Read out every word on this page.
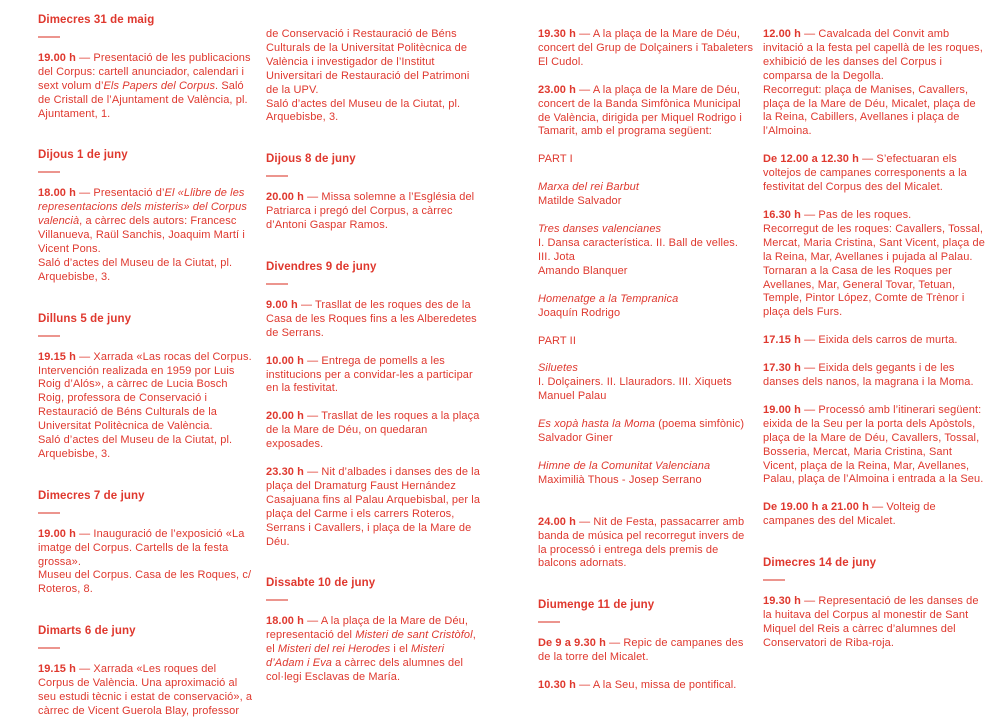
Dimecres 31 de maig

19.00 h — Presentació de les publicacions del Corpus: cartell anunciador, calendari i sext volum d’Els Papers del Corpus. Saló de Cristall de l’Ajuntament de València, pl. Ajuntament, 1.

Dijous 1 de juny

18.00 h — Presentació d’El «Llibre de les representacions dels misteris» del Corpus valencià, a càrrec dels autors: Francesc Villanueva, Raül Sanchis, Joaquim Martí i Vicent Pons.
Saló d’actes del Museu de la Ciutat, pl. Arquebisbe, 3.

Dilluns 5 de juny

19.15 h — Xarrada «Las rocas del Corpus. Intervención realizada en 1959 por Luis Roig d’Alós», a càrrec de Lucia Bosch Roig, professora de Conservació i Restauració de Béns Culturals de la Universitat Politècnica de València.
Saló d’actes del Museu de la Ciutat, pl. Arquebisbe, 3.

Dimecres 7 de juny

19.00 h — Inauguració de l’exposició «La imatge del Corpus. Cartells de la festa grossa».
Museu del Corpus. Casa de les Roques, c/ Roteros, 8.

Dimarts 6 de juny

19.15 h — Xarrada «Les roques del Corpus de València. Una aproximació al seu estudi tècnic i estat de conservació», a càrrec de Vicent Guerola Blay, professor

de Conservació i Restauració de Béns Culturals de la Universitat Politècnica de València i investigador de l’Institut Universitari de Restauració del Patrimoni de la UPV.
Saló d’actes del Museu de la Ciutat, pl. Arquebisbe, 3.

Dijous 8 de juny

20.00 h — Missa solemne a l’Església del Patriarca i pregó del Corpus, a càrrec d’Antoni Gaspar Ramos.

Divendres 9 de juny

9.00 h — Trasllat de les roques des de la Casa de les Roques fins a les Alberedetes de Serrans.

10.00 h — Entrega de pomells a les institucions per a convidar-les a participar en la festivitat.

20.00 h — Trasllat de les roques a la plaça de la Mare de Déu, on quedaran exposades.

23.30 h — Nit d’albades i danses des de la plaça del Dramaturg Faust Hernández Casajuana fins al Palau Arquebisbal, per la plaça del Carme i els carrers Roteros, Serrans i Cavallers, i plaça de la Mare de Déu.

Dissabte 10 de juny

18.00 h — A la plaça de la Mare de Déu, representació del Misteri de sant Cristòfol, el Misteri del rei Herodes i el Misteri d’Adam i Eva a càrrec dels alumnes del col·legi Esclavas de María.

19.30 h — A la plaça de la Mare de Déu, concert del Grup de Dolçainers i Tabaleters El Cudol.

23.00 h — A la plaça de la Mare de Déu, concert de la Banda Simfònica Municipal de València, dirigida per Miquel Rodrigo i Tamarit, amb el programa següent:

PART I

Marxa del rei Barbut
Matilde Salvador

Tres danses valencianes
I. Dansa característica. II. Ball de velles.
III. Jota
Amando Blanquer

Homenatge a la Tempranica
Joaquín Rodrigo

PART II

Siluetes
I. Dolçainers. II. Llauradors. III. Xiquets
Manuel Palau

Es xopà hasta la Moma (poema simfònic)
Salvador Giner

Himne de la Comunitat Valenciana
Maximilià Thous - Josep Serrano

24.00 h — Nit de Festa, passacarrer amb banda de música pel recorregut invers de la processó i entrega dels premis de balcons adornats.

Diumenge 11 de juny

De 9 a 9.30 h — Repic de campanes des de la torre del Micalet.

10.30 h — A la Seu, missa de pontifical.

12.00 h — Cavalcada del Convit amb invitació a la festa pel capellà de les roques, exhibició de les danses del Corpus i comparsa de la Degolla.
Recorregut: plaça de Manises, Cavallers, plaça de la Mare de Déu, Micalet, plaça de la Reina, Cabillers, Avellanes i plaça de l’Almoina.

De 12.00 a 12.30 h — S’efectuaran els voltejos de campanes corresponents a la festivitat del Corpus des del Micalet.

16.30 h — Pas de les roques.
Recorregut de les roques: Cavallers, Tossal, Mercat, Maria Cristina, Sant Vicent, plaça de la Reina, Mar, Avellanes i pujada al Palau. Tornaran a la Casa de les Roques per Avellanes, Mar, General Tovar, Tetuan, Temple, Pintor López, Comte de Trènor i plaça dels Furs.

17.15 h — Eixida dels carros de murta.

17.30 h — Eixida dels gegants i de les danses dels nanos, la magrana i la Moma.

19.00 h — Processó amb l’itinerari següent: eixida de la Seu per la porta dels Apòstols, plaça de la Mare de Déu, Cavallers, Tossal, Bosseria, Mercat, Maria Cristina, Sant Vicent, plaça de la Reina, Mar, Avellanes, Palau, plaça de l’Almoina i entrada a la Seu.

De 19.00 h a 21.00 h — Volteig de campanes des del Micalet.

Dimecres 14 de juny

19.30 h — Representació de les danses de la huitava del Corpus al monestir de Sant Miquel del Reis a càrrec d’alumnes del Conservatori de Riba-roja.
